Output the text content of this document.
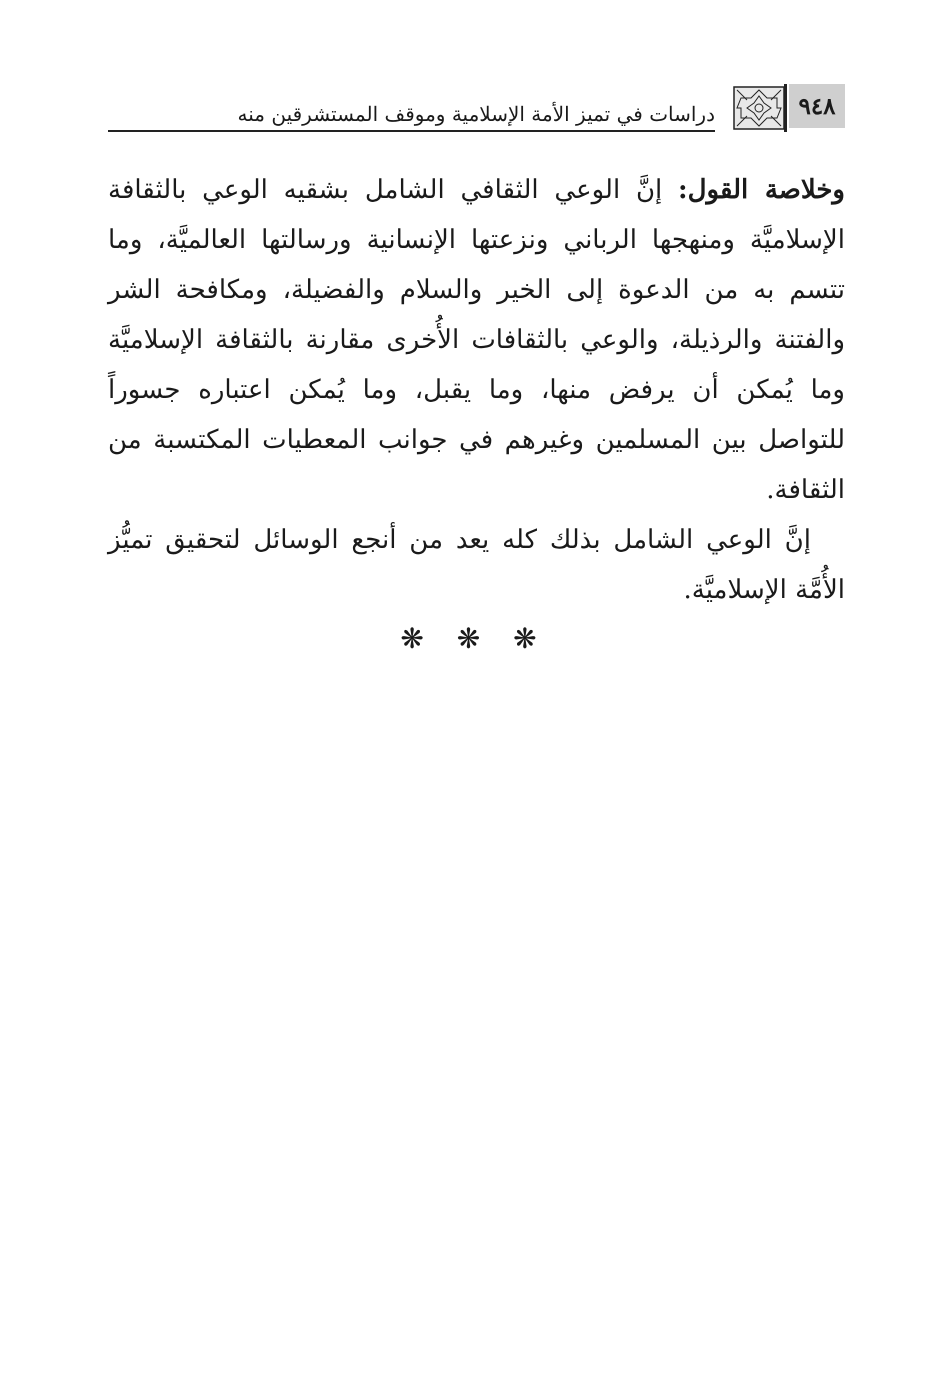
دراسات في تميز الأمة الإسلامية وموقف المستشرقين منه	٩٤٨

وخلاصة القول: إنَّ الوعي الثقافي الشامل بشقيه الوعي بالثقافة الإسلاميَّة ومنهجها الرباني ونزعتها الإنسانية ورسالتها العالميَّة، وما تتسم به من الدعوة إلى الخير والسلام والفضيلة، ومكافحة الشر والفتنة والرذيلة، والوعي بالثقافات الأُخرى مقارنة بالثقافة الإسلاميَّة وما يُمكن أن يرفض منها، وما يقبل، وما يُمكن اعتباره جسوراً للتواصل بين المسلمين وغيرهم في جوانب المعطيات المكتسبة من الثقافة.

إنَّ الوعي الشامل بذلك كله يعد من أنجع الوسائل لتحقيق تميُّز الأُمَّة الإسلاميَّة.

❋ ❋ ❋
